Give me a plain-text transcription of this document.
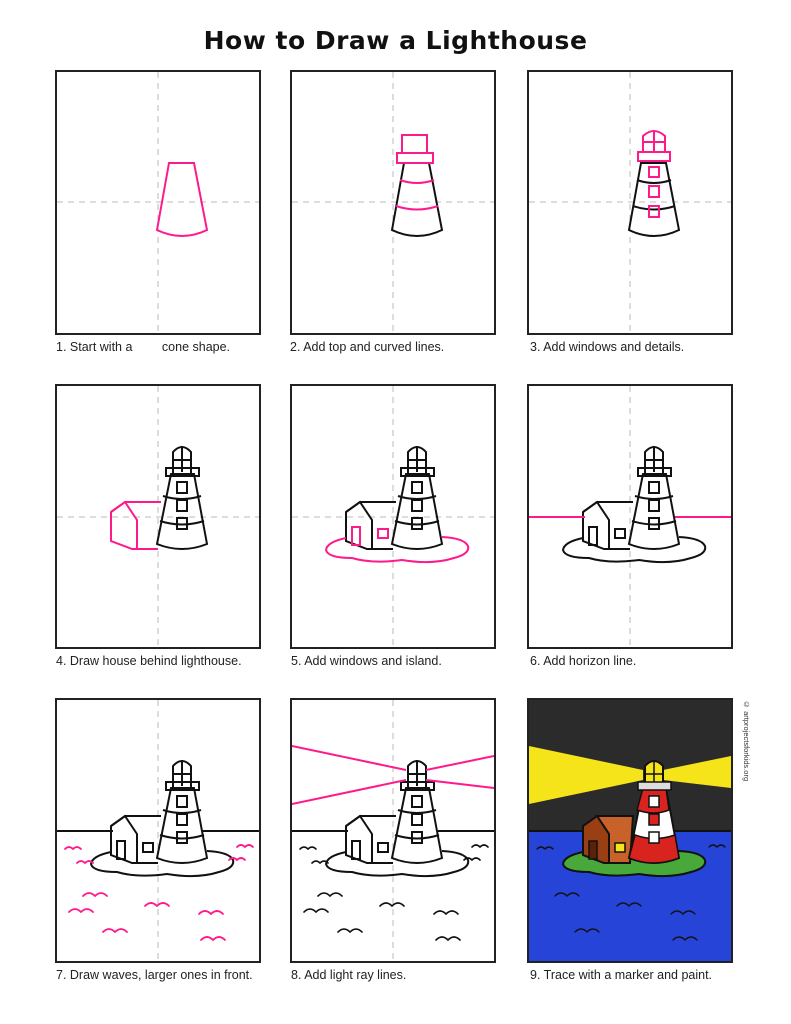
How to Draw a Lighthouse
1. Start with a cone shape.	2. Add top and curved lines.	3. Add windows and details.
4. Draw house behind lighthouse.	5. Add windows and island.	6. Add horizon line.
7. Draw waves, larger ones in front.	8. Add light ray lines.
© artprojectsforkids.org
9. Trace with a marker and paint.
